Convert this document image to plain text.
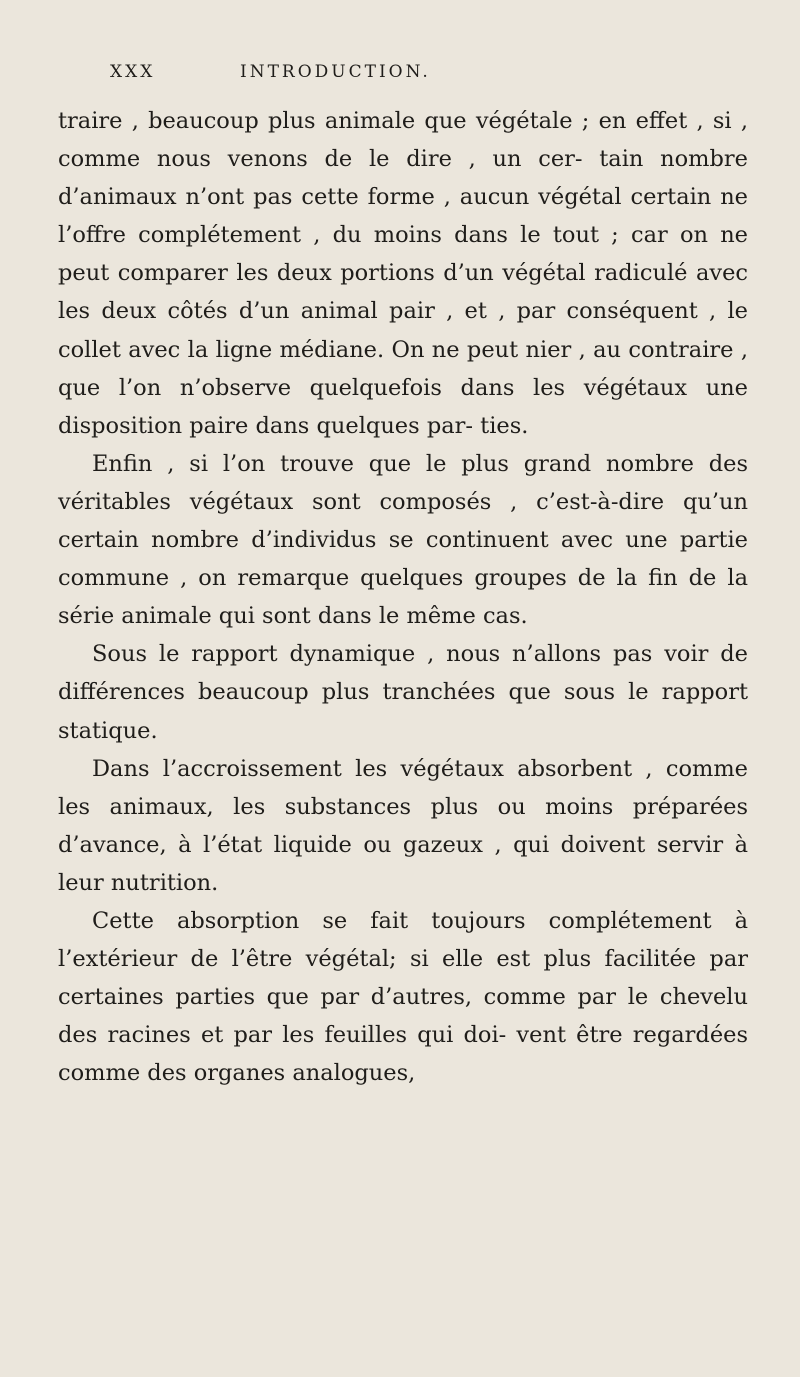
XXX	INTRODUCTION.

traire , beaucoup plus animale que végétale ; en effet , si , comme nous venons de le dire , un cer- tain nombre d’animaux n’ont pas cette forme , aucun végétal certain ne l’offre complétement , du moins dans le tout ; car on ne peut comparer les deux portions d’un végétal radiculé avec les deux côtés d’un animal pair , et , par conséquent , le collet avec la ligne médiane. On ne peut nier , au contraire , que l’on n’observe quelquefois dans les végétaux une disposition paire dans quelques par- ties.

Enfin , si l’on trouve que le plus grand nombre des véritables végétaux sont composés , c’est-à-dire qu’un certain nombre d’individus se continuent avec une partie commune , on remarque quelques groupes de la fin de la série animale qui sont dans le même cas.

Sous le rapport dynamique , nous n’allons pas voir de différences beaucoup plus tranchées que sous le rapport statique.

Dans l’accroissement les végétaux absorbent , comme les animaux, les substances plus ou moins préparées d’avance, à l’état liquide ou gazeux , qui doivent servir à leur nutrition.

Cette absorption se fait toujours complétement à l’extérieur de l’être végétal; si elle est plus facilitée par certaines parties que par d’autres, comme par le chevelu des racines et par les feuilles qui doi- vent être regardées comme des organes analogues,
